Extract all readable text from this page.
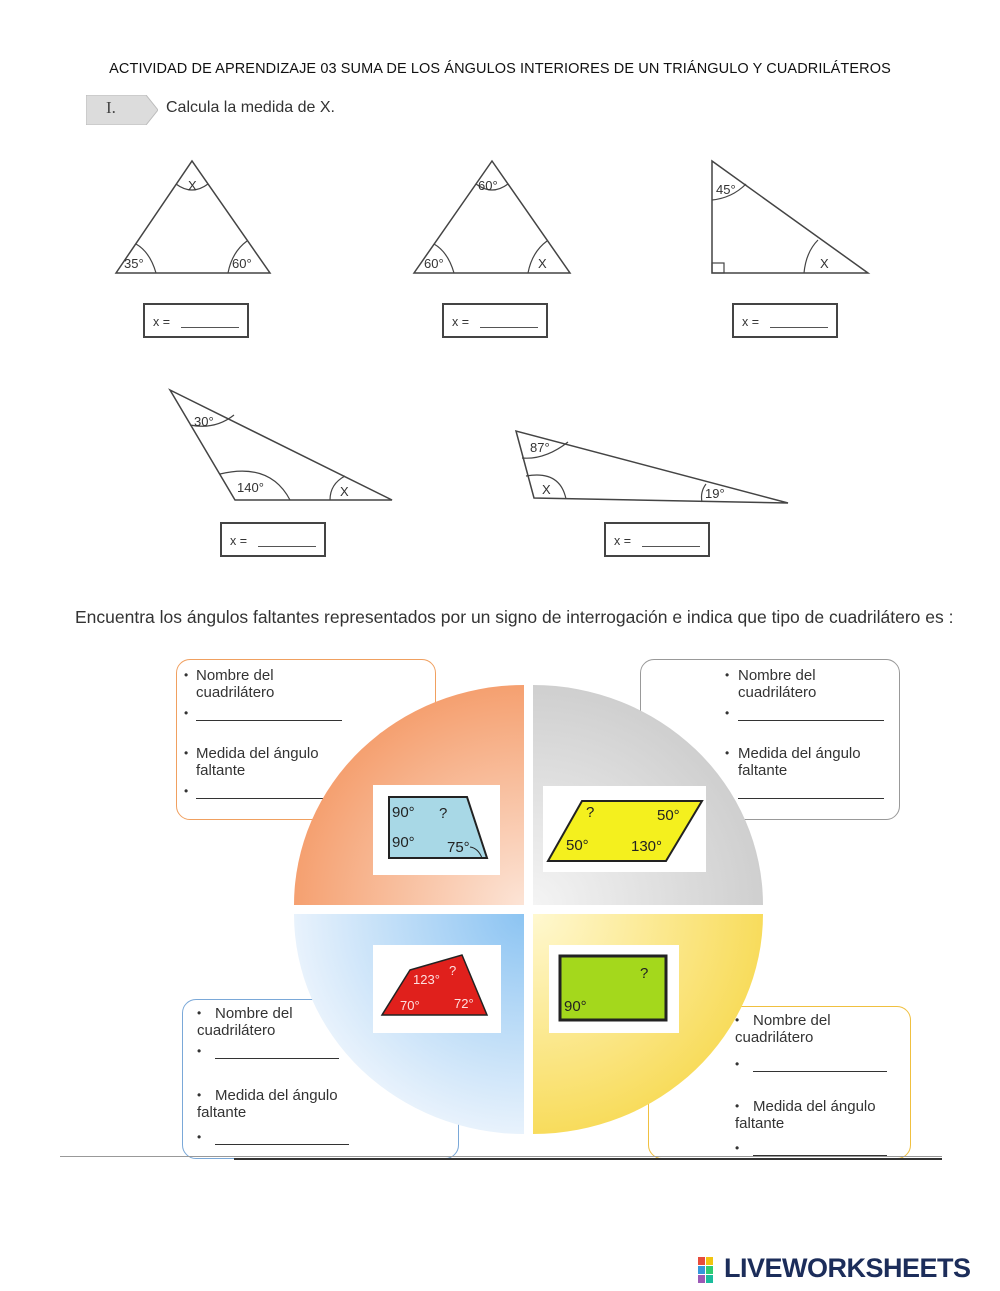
ACTIVIDAD DE APRENDIZAJE 03 SUMA DE LOS ÁNGULOS INTERIORES DE UN TRIÁNGULO Y CUADRILÁTEROS
I.	Calcula la medida de X.
X
35°	60°
60°
60°	X
45°
X
30°
140°	X
87°
X	19°
x =	x =	x =
x =	x =
Encuentra los ángulos faltantes representados por un signo de interrogación e indica que tipo de cuadrilátero es :
• Nombre del cuadrilátero
•
• Medida del ángulo faltante
•
• Nombre del cuadrilátero
•
• Medida del ángulo faltante
• Nombre del cuadrilátero
•
• Medida del ángulo faltante
•
• Nombre del cuadrilátero
•
• Medida del ángulo faltante
•
90° ?
90° 75°
?	50°
50°	130°
123°
?
70°	72°
?
90°
LIVEWORKSHEETS
